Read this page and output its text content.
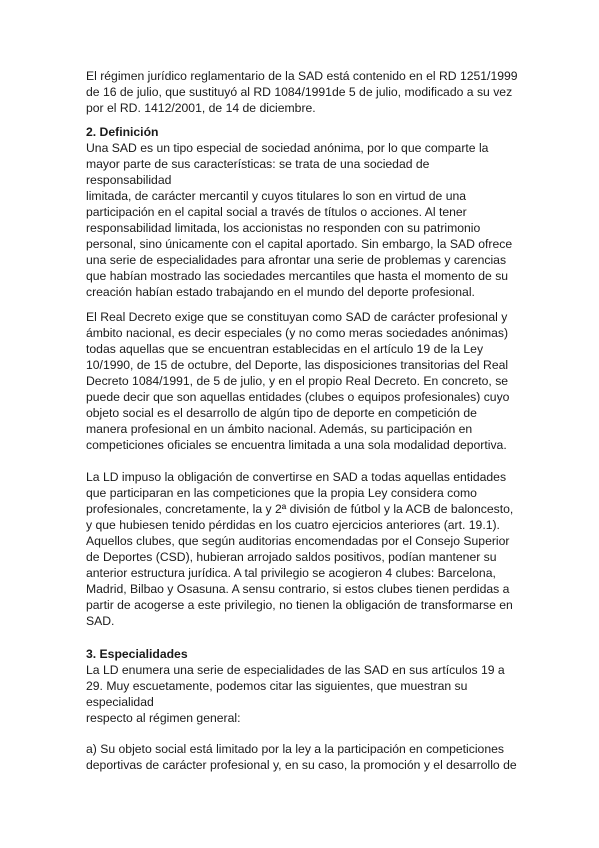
El régimen jurídico reglamentario de la SAD está contenido en el RD 1251/1999
de 16 de julio, que sustituyó al RD 1084/1991de 5 de julio, modificado a su vez
por el RD. 1412/2001, de 14 de diciembre.
2. Definición
Una SAD es un tipo especial de sociedad anónima, por lo que comparte la
mayor parte de sus características: se trata de una sociedad de
responsabilidad
limitada, de carácter mercantil y cuyos titulares lo son en virtud de una
participación en el capital social a través de títulos o acciones. Al tener
responsabilidad limitada, los accionistas no responden con su patrimonio
personal, sino únicamente con el capital aportado. Sin embargo, la SAD ofrece
una serie de especialidades para afrontar una serie de problemas y carencias
que habían mostrado las sociedades mercantiles que hasta el momento de su
creación habían estado trabajando en el mundo del deporte profesional.
El Real Decreto exige que se constituyan como SAD de carácter profesional y
ámbito nacional, es decir especiales (y no como meras sociedades anónimas)
todas aquellas que se encuentran establecidas en el artículo 19 de la Ley
10/1990, de 15 de octubre, del Deporte, las disposiciones transitorias del Real
Decreto 1084/1991, de 5 de julio, y en el propio Real Decreto. En concreto, se
puede decir que son aquellas entidades (clubes o equipos profesionales) cuyo
objeto social es el desarrollo de algún tipo de deporte en competición de
manera profesional en un ámbito nacional. Además, su participación en
competiciones oficiales se encuentra limitada a una sola modalidad deportiva.
La LD impuso la obligación de convertirse en SAD a todas aquellas entidades
que participaran en las competiciones que la propia Ley considera como
profesionales, concretamente, la y 2ª división de fútbol y la ACB de baloncesto,
y que hubiesen tenido pérdidas en los cuatro ejercicios anteriores (art. 19.1).
Aquellos clubes, que según auditorias encomendadas por el Consejo Superior
de Deportes (CSD), hubieran arrojado saldos positivos, podían mantener su
anterior estructura jurídica. A tal privilegio se acogieron 4 clubes: Barcelona,
Madrid, Bilbao y Osasuna. A sensu contrario, si estos clubes tienen perdidas a
partir de acogerse a este privilegio, no tienen la obligación de transformarse en
SAD.
3. Especialidades
La LD enumera una serie de especialidades de las SAD en sus artículos 19 a
29. Muy escuetamente, podemos citar las siguientes, que muestran su
especialidad
respecto al régimen general:
a) Su objeto social está limitado por la ley a la participación en competiciones
deportivas de carácter profesional y, en su caso, la promoción y el desarrollo de
